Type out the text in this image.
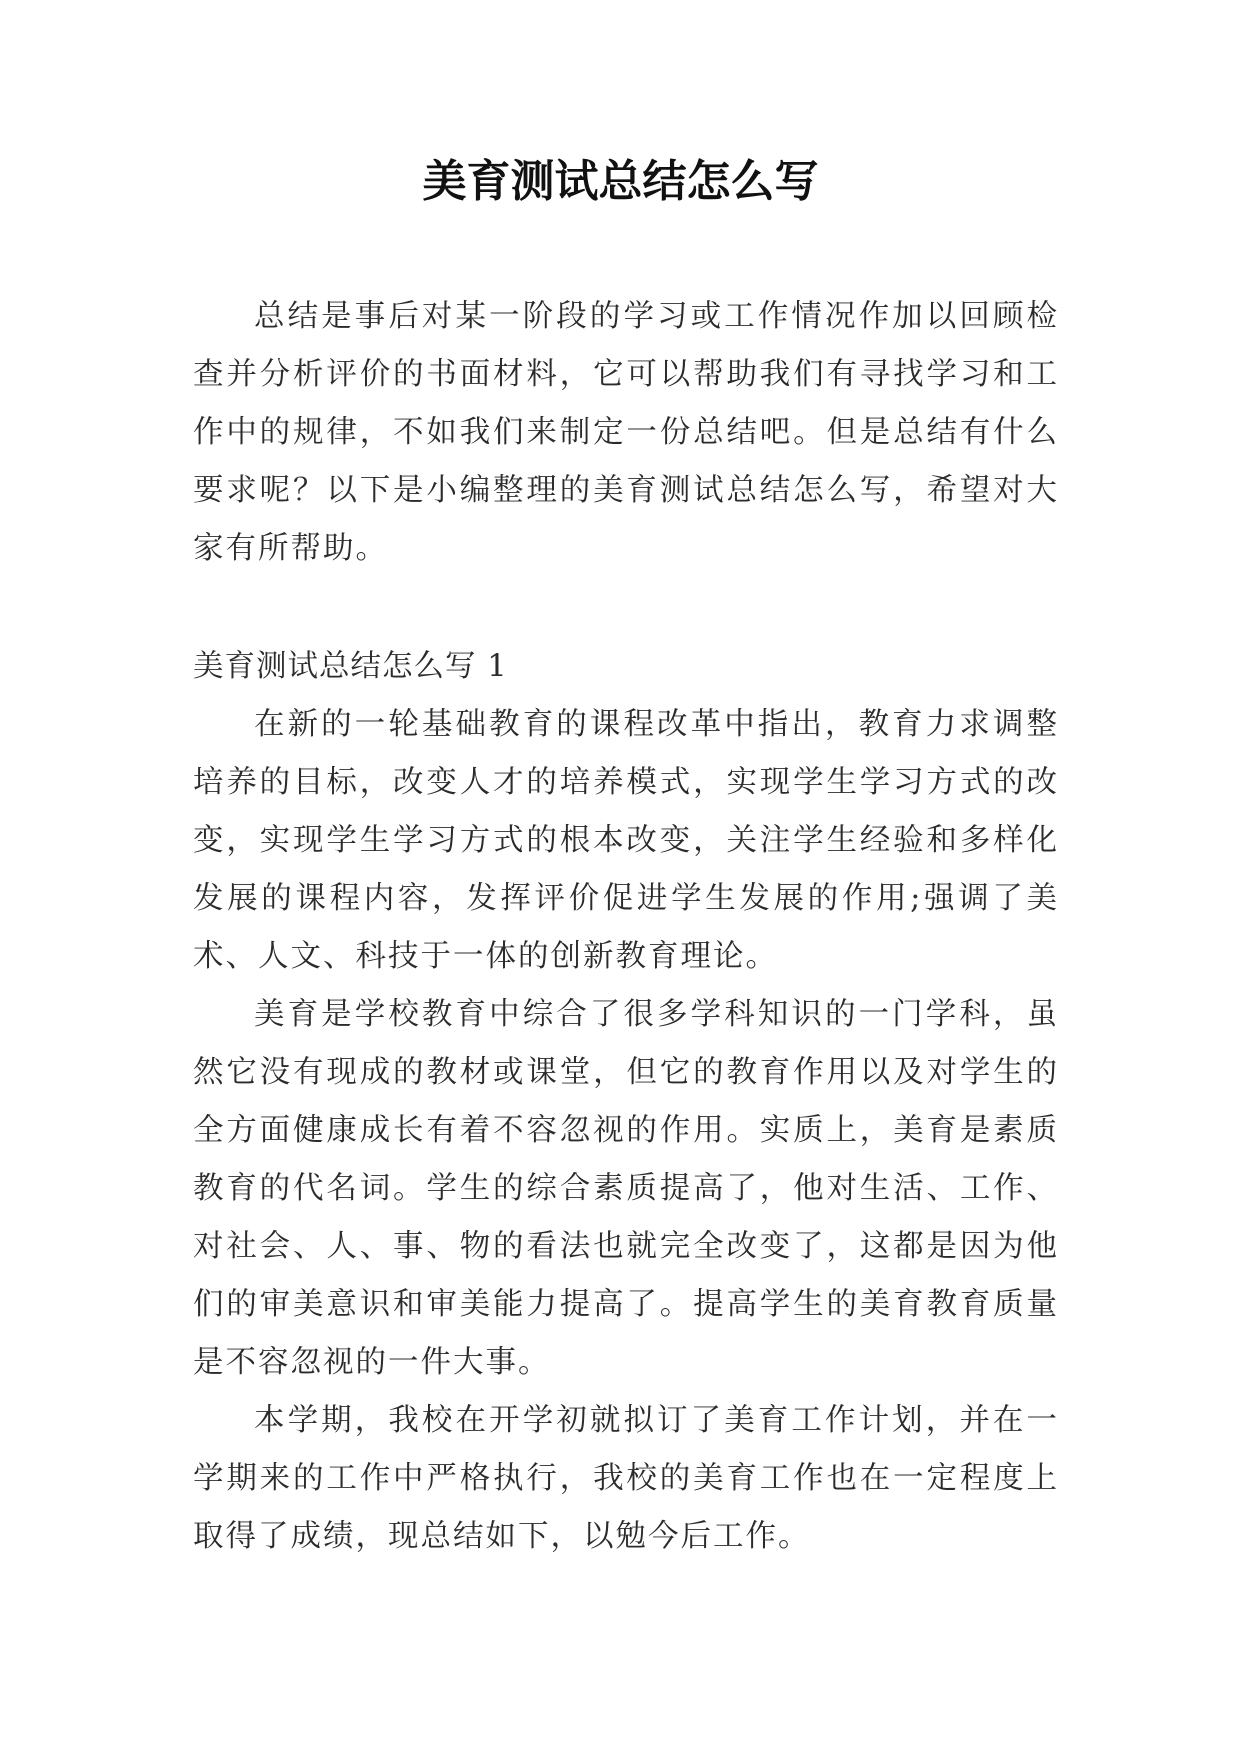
美育测试总结怎么写

总结是事后对某一阶段的学习或工作情况作加以回顾检查并分析评价的书面材料，它可以帮助我们有寻找学习和工作中的规律，不如我们来制定一份总结吧。但是总结有什么要求呢？以下是小编整理的美育测试总结怎么写，希望对大家有所帮助。

美育测试总结怎么写 1

在新的一轮基础教育的课程改革中指出，教育力求调整培养的目标，改变人才的培养模式，实现学生学习方式的改变，实现学生学习方式的根本改变，关注学生经验和多样化发展的课程内容，发挥评价促进学生发展的作用;强调了美术、人文、科技于一体的创新教育理论。

美育是学校教育中综合了很多学科知识的一门学科，虽然它没有现成的教材或课堂，但它的教育作用以及对学生的全方面健康成长有着不容忽视的作用。实质上，美育是素质教育的代名词。学生的综合素质提高了，他对生活、工作、对社会、人、事、物的看法也就完全改变了，这都是因为他们的审美意识和审美能力提高了。提高学生的美育教育质量是不容忽视的一件大事。

本学期，我校在开学初就拟订了美育工作计划，并在一学期来的工作中严格执行，我校的美育工作也在一定程度上取得了成绩，现总结如下，以勉今后工作。
